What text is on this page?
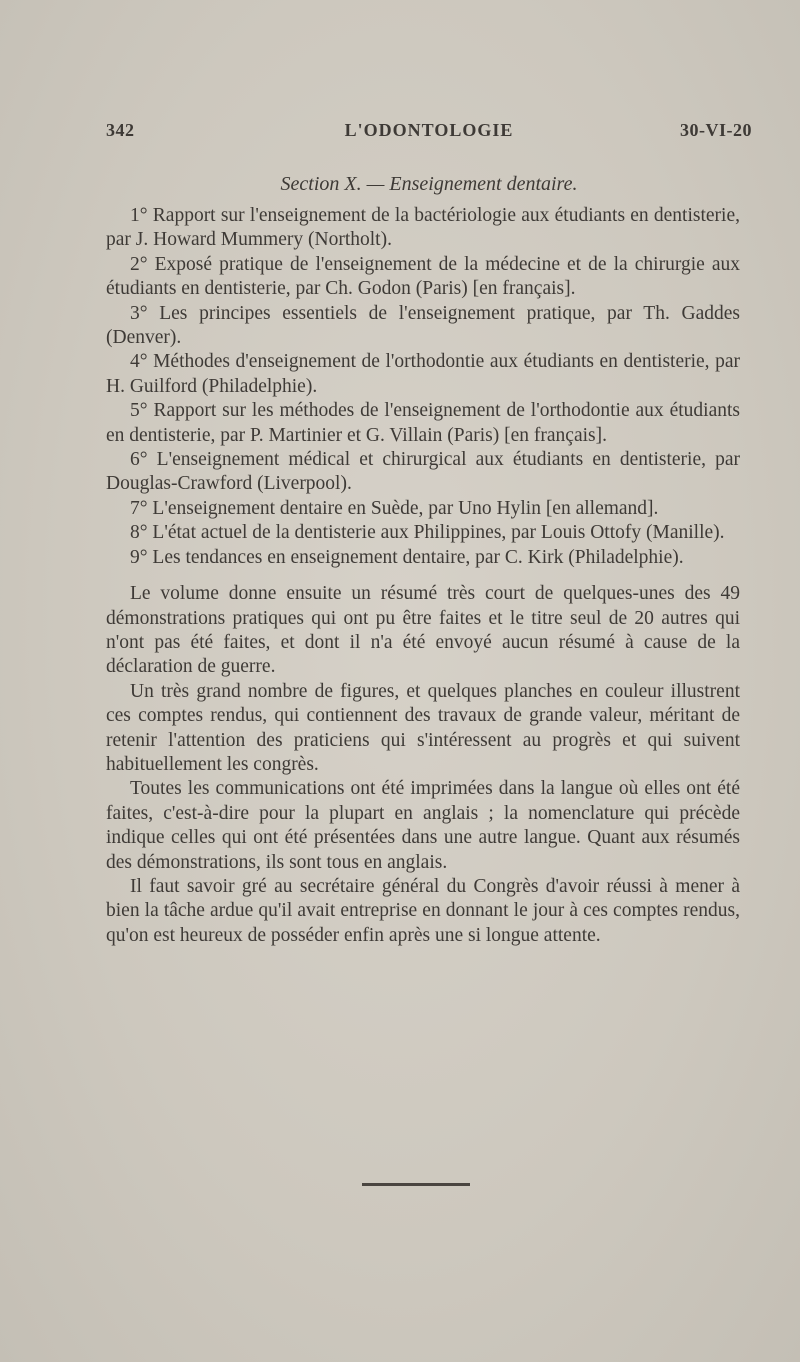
342	L'ODONTOLOGIE	30-VI-20
Section X. — Enseignement dentaire.

1° Rapport sur l'enseignement de la bactériologie aux étudiants en dentisterie, par J. Howard Mummery (Northolt).

2° Exposé pratique de l'enseignement de la médecine et de la chirurgie aux étudiants en dentisterie, par Ch. Godon (Paris) [en français].

3° Les principes essentiels de l'enseignement pratique, par Th. Gaddes (Denver).

4° Méthodes d'enseignement de l'orthodontie aux étudiants en dentisterie, par H. Guilford (Philadelphie).

5° Rapport sur les méthodes de l'enseignement de l'orthodontie aux étudiants en dentisterie, par P. Martinier et G. Villain (Paris) [en français].

6° L'enseignement médical et chirurgical aux étudiants en dentisterie, par Douglas-Crawford (Liverpool).

7° L'enseignement dentaire en Suède, par Uno Hylin [en allemand].

8° L'état actuel de la dentisterie aux Philippines, par Louis Ottofy (Manille).

9° Les tendances en enseignement dentaire, par C. Kirk (Philadelphie).

Le volume donne ensuite un résumé très court de quelques-unes des 49 démonstrations pratiques qui ont pu être faites et le titre seul de 20 autres qui n'ont pas été faites, et dont il n'a été envoyé aucun résumé à cause de la déclaration de guerre.

Un très grand nombre de figures, et quelques planches en couleur illustrent ces comptes rendus, qui contiennent des travaux de grande valeur, méritant de retenir l'attention des praticiens qui s'intéressent au progrès et qui suivent habituellement les congrès.

Toutes les communications ont été imprimées dans la langue où elles ont été faites, c'est-à-dire pour la plupart en anglais ; la nomenclature qui précède indique celles qui ont été présentées dans une autre langue. Quant aux résumés des démonstrations, ils sont tous en anglais.

Il faut savoir gré au secrétaire général du Congrès d'avoir réussi à mener à bien la tâche ardue qu'il avait entreprise en donnant le jour à ces comptes rendus, qu'on est heureux de posséder enfin après une si longue attente.
